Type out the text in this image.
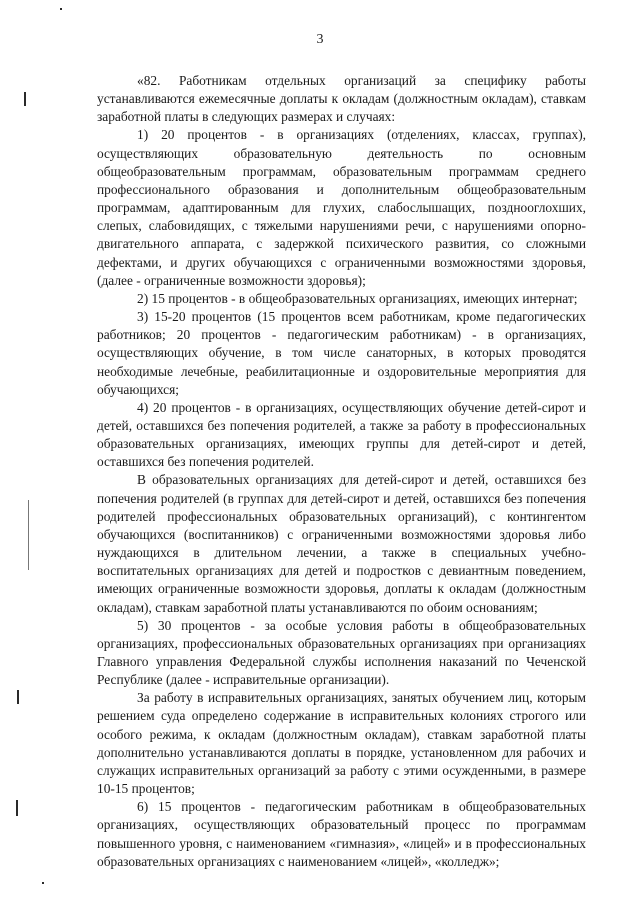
3

«82. Работникам отдельных организаций за специфику работы устанавливаются ежемесячные доплаты к окладам (должностным окладам), ставкам заработной платы в следующих размерах и случаях:

1) 20 процентов - в организациях (отделениях, классах, группах), осуществляющих образовательную деятельность по основным общеобразовательным программам, образовательным программам среднего профессионального образования и дополнительным общеобразовательным программам, адаптированным для глухих, слабослышащих, позднооглохших, слепых, слабовидящих, с тяжелыми нарушениями речи, с нарушениями опорно-двигательного аппарата, с задержкой психического развития, со сложными дефектами, и других обучающихся с ограниченными возможностями здоровья, (далее - ограниченные возможности здоровья);

2) 15 процентов - в общеобразовательных организациях, имеющих интернат;

3) 15-20 процентов (15 процентов всем работникам, кроме педагогических работников; 20 процентов - педагогическим работникам) - в организациях, осуществляющих обучение, в том числе санаторных, в которых проводятся необходимые лечебные, реабилитационные и оздоровительные мероприятия для обучающихся;

4) 20 процентов - в организациях, осуществляющих обучение детей-сирот и детей, оставшихся без попечения родителей, а также за работу в профессиональных образовательных организациях, имеющих группы для детей-сирот и детей, оставшихся без попечения родителей.

В образовательных организациях для детей-сирот и детей, оставшихся без попечения родителей (в группах для детей-сирот и детей, оставшихся без попечения родителей профессиональных образовательных организаций), с контингентом обучающихся (воспитанников) с ограниченными возможностями здоровья либо нуждающихся в длительном лечении, а также в специальных учебно-воспитательных организациях для детей и подростков с девиантным поведением, имеющих ограниченные возможности здоровья, доплаты к окладам (должностным окладам), ставкам заработной платы устанавливаются по обоим основаниям;

5) 30 процентов - за особые условия работы в общеобразовательных организациях, профессиональных образовательных организациях при организациях Главного управления Федеральной службы исполнения наказаний по Чеченской Республике (далее - исправительные организации).

За работу в исправительных организациях, занятых обучением лиц, которым решением суда определено содержание в исправительных колониях строгого или особого режима, к окладам (должностным окладам), ставкам заработной платы дополнительно устанавливаются доплаты в порядке, установленном для рабочих и служащих исправительных организаций за работу с этими осужденными, в размере 10-15 процентов;

6) 15 процентов - педагогическим работникам в общеобразовательных организациях, осуществляющих образовательный процесс по программам повышенного уровня, с наименованием «гимназия», «лицей» и в профессиональных образовательных организациях с наименованием «лицей», «колледж»;
